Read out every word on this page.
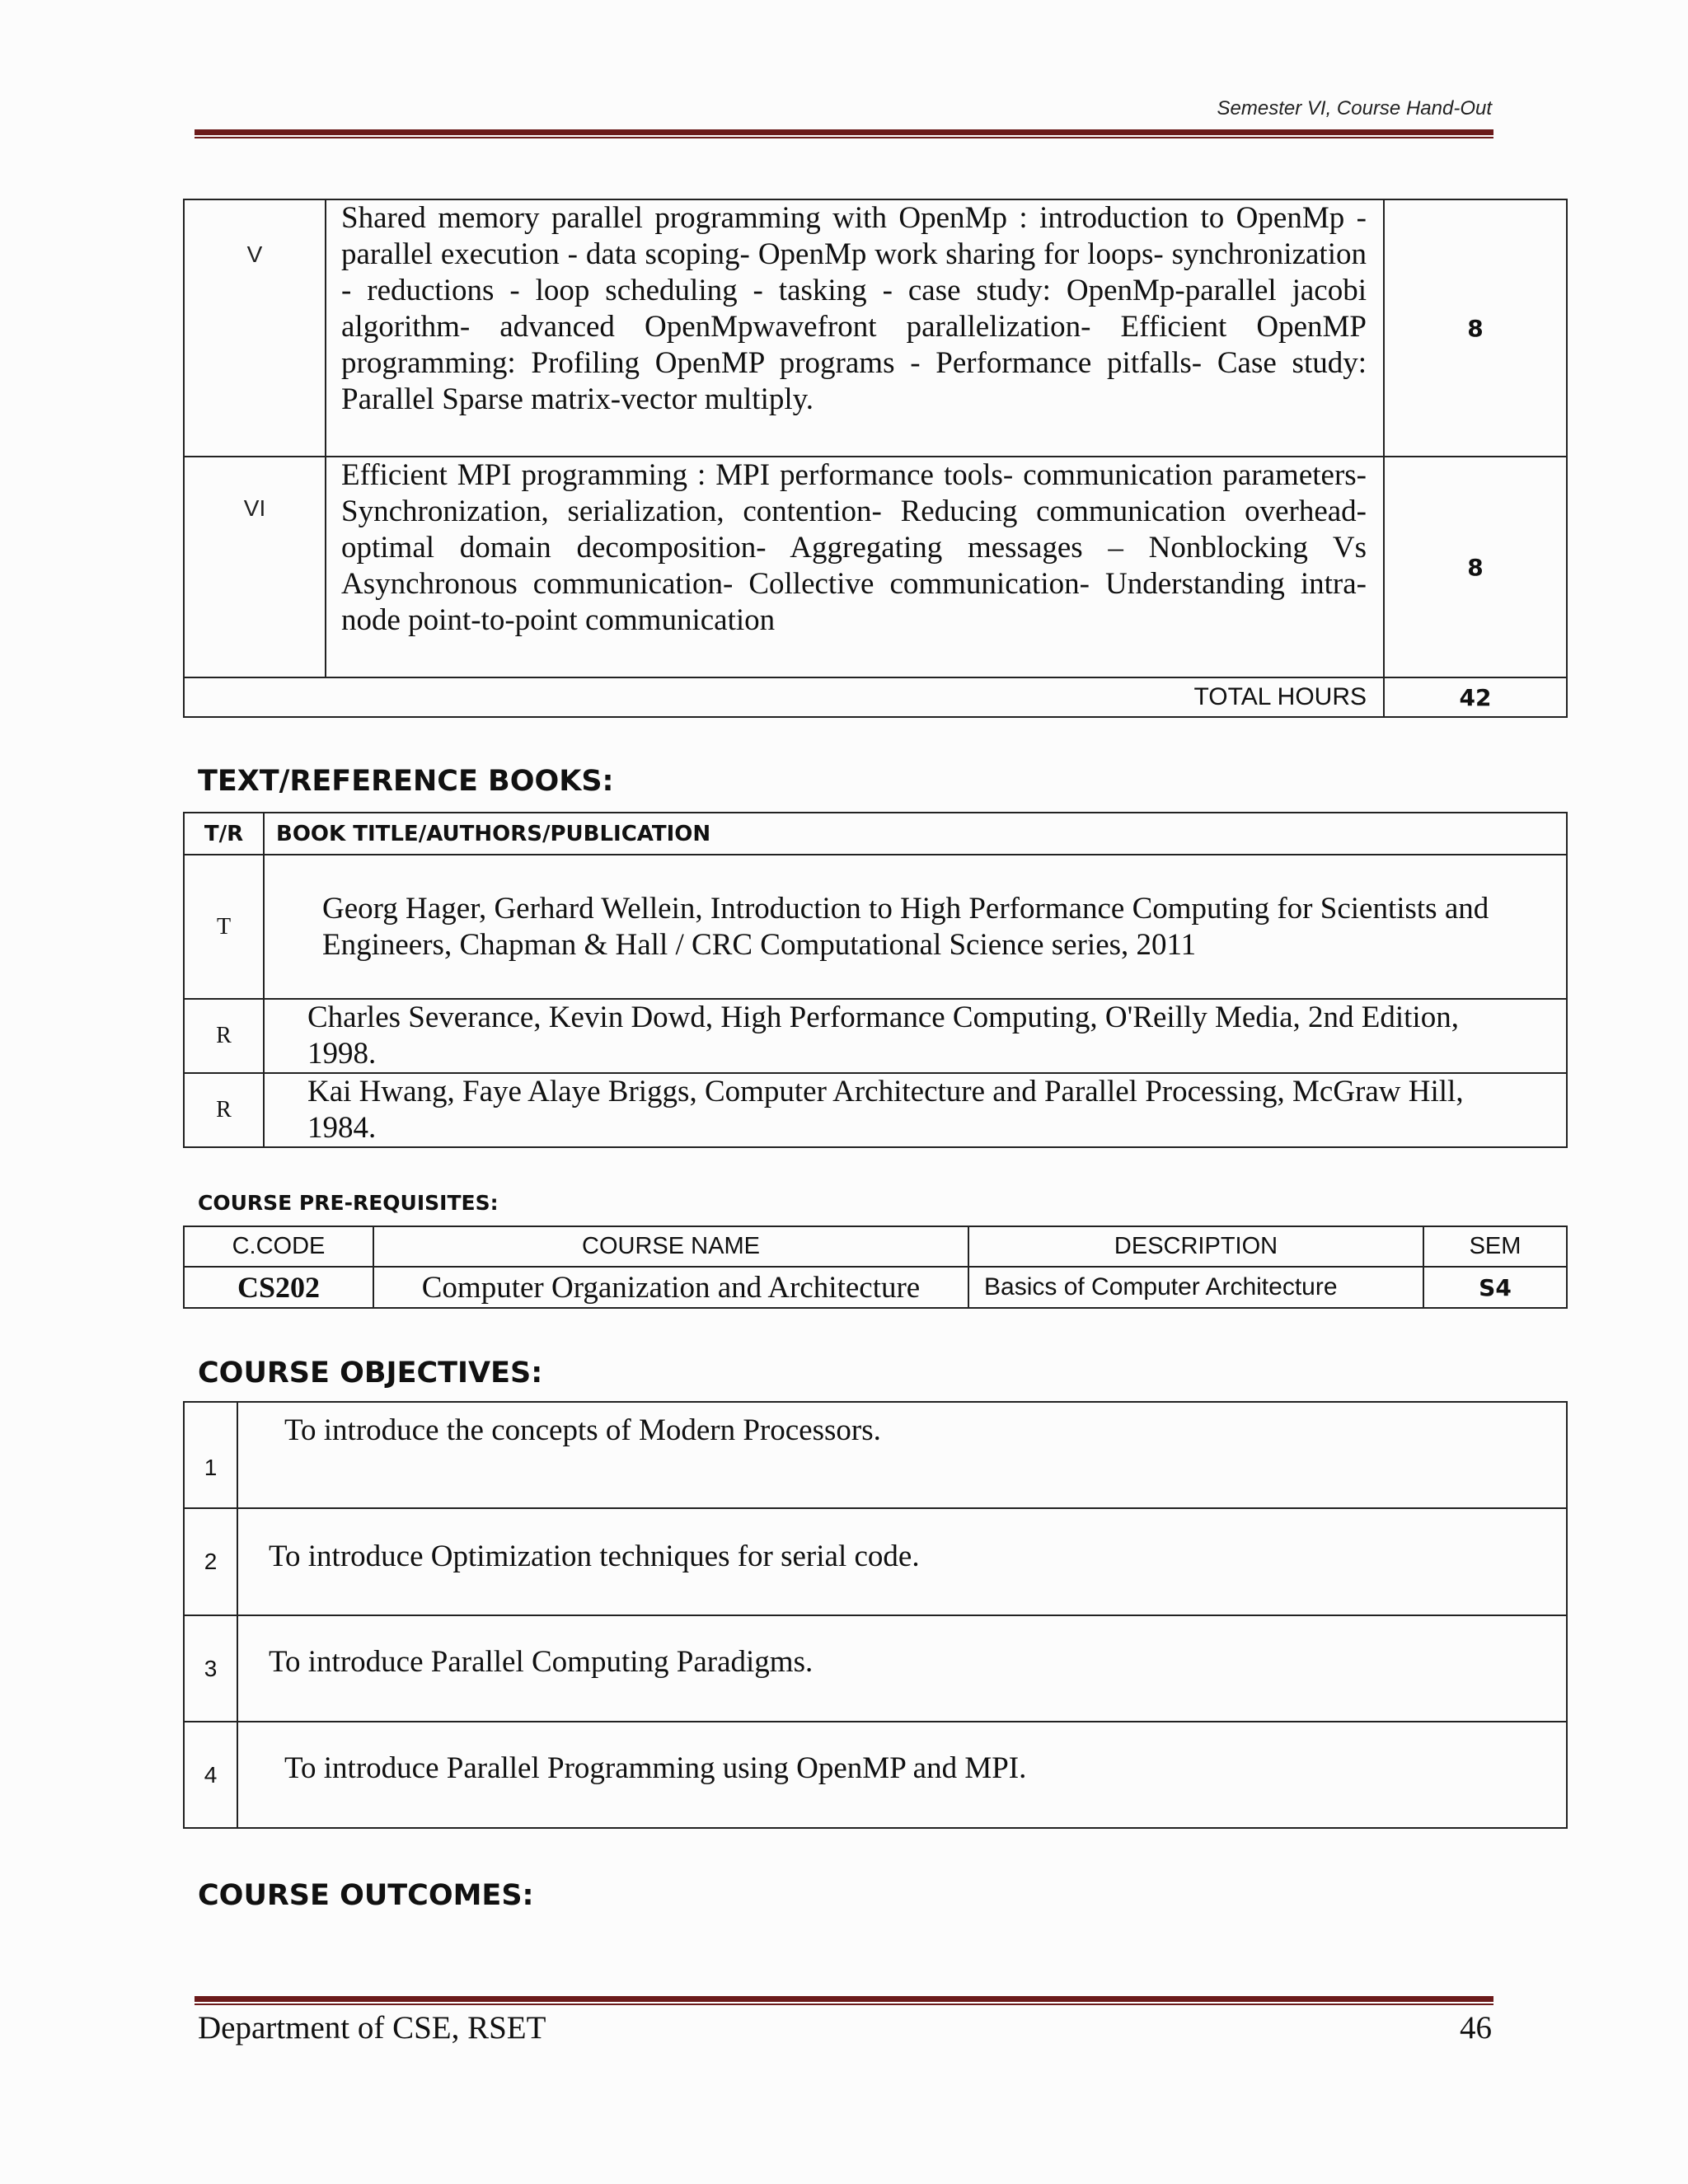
Semester VI, Course Hand-Out
V	Shared memory parallel programming with OpenMp : introduction to OpenMp - parallel execution - data scoping- OpenMp work sharing for loops- synchronization - reductions - loop scheduling - tasking - case study: OpenMp-parallel jacobi algorithm- advanced OpenMpwavefront parallelization- Efficient OpenMP programming: Profiling OpenMP programs - Performance pitfalls- Case study: Parallel Sparse matrix-vector multiply.	8
VI	Efficient MPI programming : MPI performance tools- communication parameters- Synchronization, serialization, contention- Reducing communication overhead- optimal domain decomposition- Aggregating messages – Nonblocking Vs Asynchronous communication- Collective communication- Understanding intra-node point-to-point communication	8
TOTAL HOURS		42
TEXT/REFERENCE BOOKS:
T/R	BOOK TITLE/AUTHORS/PUBLICATION
T	Georg Hager, Gerhard Wellein, Introduction to High Performance Computing for Scientists and Engineers, Chapman & Hall / CRC Computational Science series, 2011
R	Charles Severance, Kevin Dowd, High Performance Computing, O'Reilly Media, 2nd Edition, 1998.
R	Kai Hwang, Faye Alaye Briggs, Computer Architecture and Parallel Processing, McGraw Hill, 1984.
COURSE PRE-REQUISITES:
C.CODE	COURSE NAME	DESCRIPTION	SEM
CS202	Computer Organization and Architecture	Basics of Computer Architecture	S4
COURSE OBJECTIVES:
1	To introduce the concepts of Modern Processors.
2	To introduce Optimization techniques for serial code.
3	To introduce Parallel Computing Paradigms.
4	To introduce Parallel Programming using OpenMP and MPI.
COURSE OUTCOMES:
Department of CSE, RSET	46
